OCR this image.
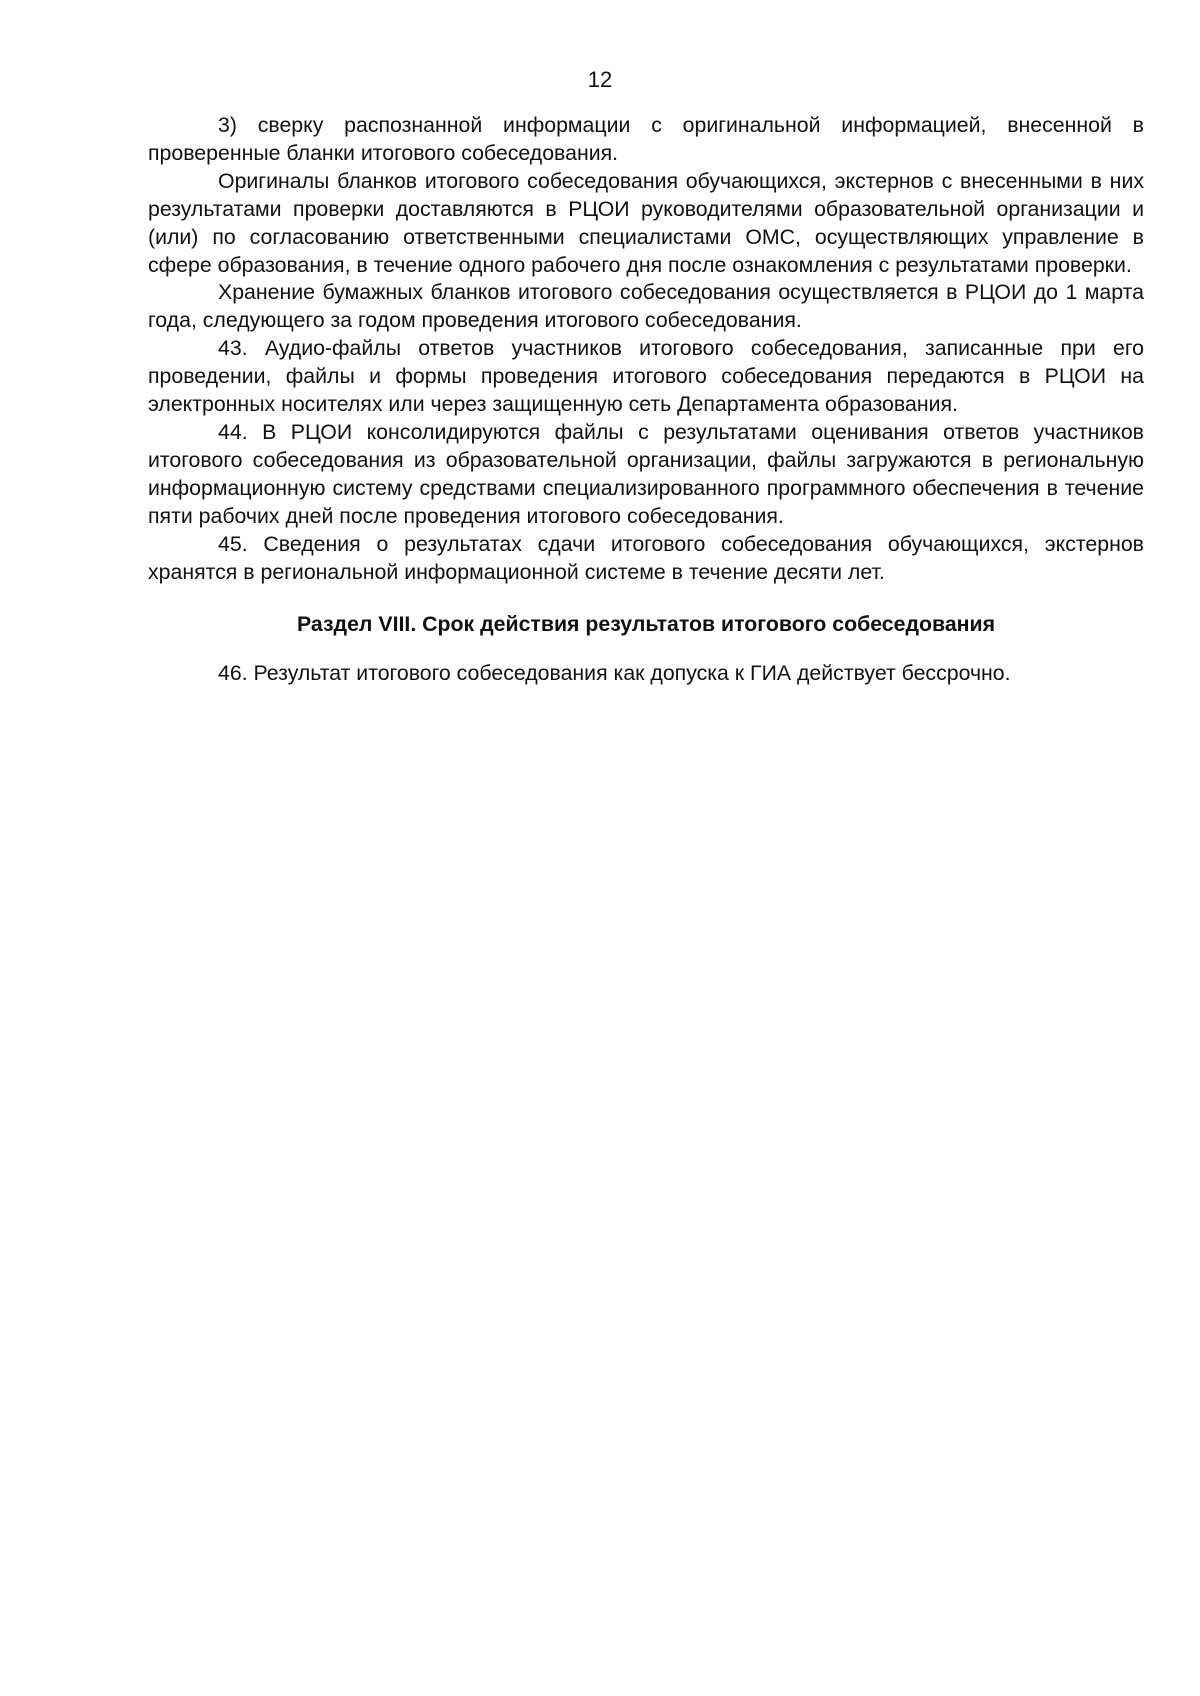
12

3) сверку распознанной информации с оригинальной информацией, внесенной в проверенные бланки итогового собеседования.

Оригиналы бланков итогового собеседования обучающихся, экстернов с внесенными в них результатами проверки доставляются в РЦОИ руководителями образовательной организации и (или) по согласованию ответственными специалистами ОМС, осуществляющих управление в сфере образования, в течение одного рабочего дня после ознакомления с результатами проверки.

Хранение бумажных бланков итогового собеседования осуществляется в РЦОИ до 1 марта года, следующего за годом проведения итогового собеседования.

43. Аудио-файлы ответов участников итогового собеседования, записанные при его проведении, файлы и формы проведения итогового собеседования передаются в РЦОИ на электронных носителях или через защищенную сеть Департамента образования.

44. В РЦОИ консолидируются файлы с результатами оценивания ответов участников итогового собеседования из образовательной организации, файлы загружаются в региональную информационную систему средствами специализированного программного обеспечения в течение пяти рабочих дней после проведения итогового собеседования.

45. Сведения о результатах сдачи итогового собеседования обучающихся, экстернов хранятся в региональной информационной системе в течение десяти лет.

Раздел VIII. Срок действия результатов итогового собеседования

46. Результат итогового собеседования как допуска к ГИА действует бессрочно.
